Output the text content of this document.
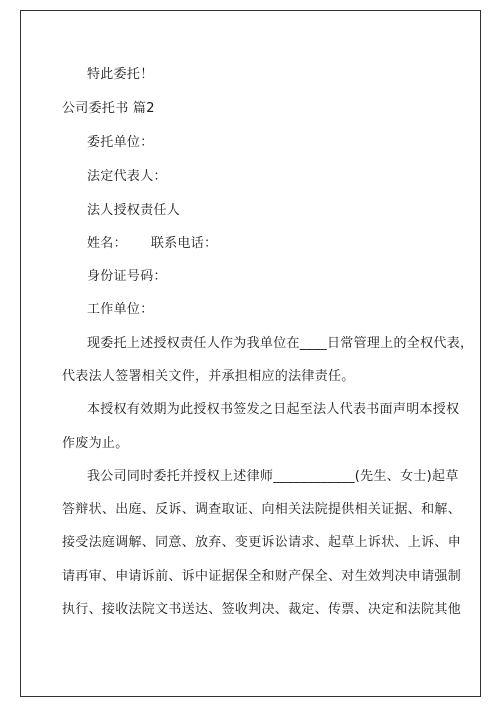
特此委托！
公司委托书 篇2
委托单位：
法定代表人：
法人授权责任人
姓名： 联系电话：
身份证号码：
工作单位：
现委托上述授权责任人作为我单位在____日常管理上的全权代表，
代表法人签署相关文件，并承担相应的法律责任。
本授权有效期为此授权书签发之日起至法人代表书面声明本授权
作废为止。
我公司同时委托并授权上述律师____________(先生、女士)起草
答辩状、出庭、反诉、调查取证、向相关法院提供相关证据、和解、
接受法庭调解、同意、放弃、变更诉讼请求、起草上诉状、上诉、申
请再审、申请诉前、诉中证据保全和财产保全、对生效判决申请强制
执行、接收法院文书送达、签收判决、裁定、传票、决定和法院其他
